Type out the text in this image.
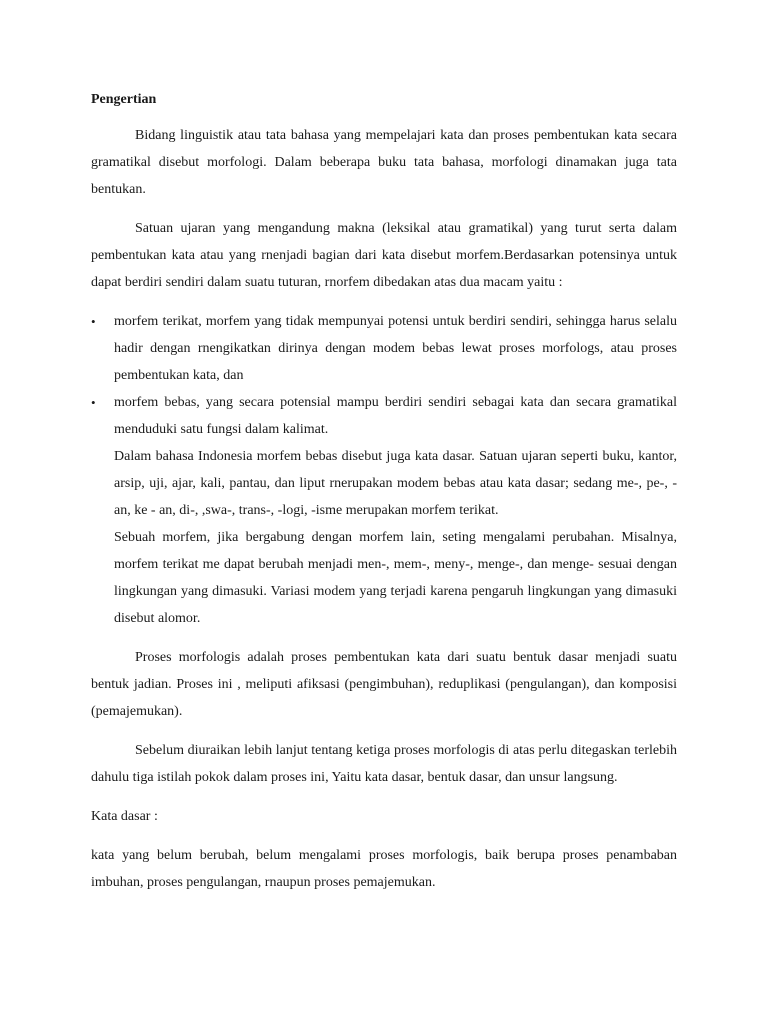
Pengertian

Bidang linguistik atau tata bahasa yang mempelajari kata dan proses pembentukan kata secara gramatikal disebut morfologi. Dalam beberapa buku tata bahasa, morfologi dinamakan juga tata bentukan.

Satuan ujaran yang mengandung makna (leksikal atau gramatikal) yang turut serta dalam pembentukan kata atau yang rnenjadi bagian dari kata disebut morfem.Berdasarkan potensinya untuk dapat berdiri sendiri dalam suatu tuturan, rnorfem dibedakan atas dua macam yaitu :

• morfem terikat, morfem yang tidak mempunyai potensi untuk berdiri sendiri, sehingga harus selalu hadir dengan rnengikatkan dirinya dengan modem bebas lewat proses morfologs, atau proses pembentukan kata, dan
• morfem bebas, yang secara potensial mampu berdiri sendiri sebagai kata dan secara gramatikal menduduki satu fungsi dalam kalimat.

Dalam bahasa Indonesia morfem bebas disebut juga kata dasar. Satuan ujaran seperti buku, kantor, arsip, uji, ajar, kali, pantau, dan liput rnerupakan modem bebas atau kata dasar; sedang me-, pe-, -an, ke - an, di-, ,swa-, trans-, -logi, -isme merupakan morfem terikat.

Sebuah morfem, jika bergabung dengan morfem lain, seting mengalami perubahan. Misalnya, morfem terikat me dapat berubah menjadi men-, mem-, meny-, menge-, dan menge- sesuai dengan lingkungan yang dimasuki. Variasi modem yang terjadi karena pengaruh lingkungan yang dimasuki disebut alomor.

Proses morfologis adalah proses pembentukan kata dari suatu bentuk dasar menjadi suatu bentuk jadian. Proses ini , meliputi afiksasi (pengimbuhan), reduplikasi (pengulangan), dan komposisi (pemajemukan).

Sebelum diuraikan lebih lanjut tentang ketiga proses morfologis di atas perlu ditegaskan terlebih dahulu tiga istilah pokok dalam proses ini, Yaitu kata dasar, bentuk dasar, dan unsur langsung.

Kata dasar :

kata yang belum berubah, belum mengalami proses morfologis, baik berupa proses penambaban imbuhan, proses pengulangan, rnaupun proses pemajemukan.
